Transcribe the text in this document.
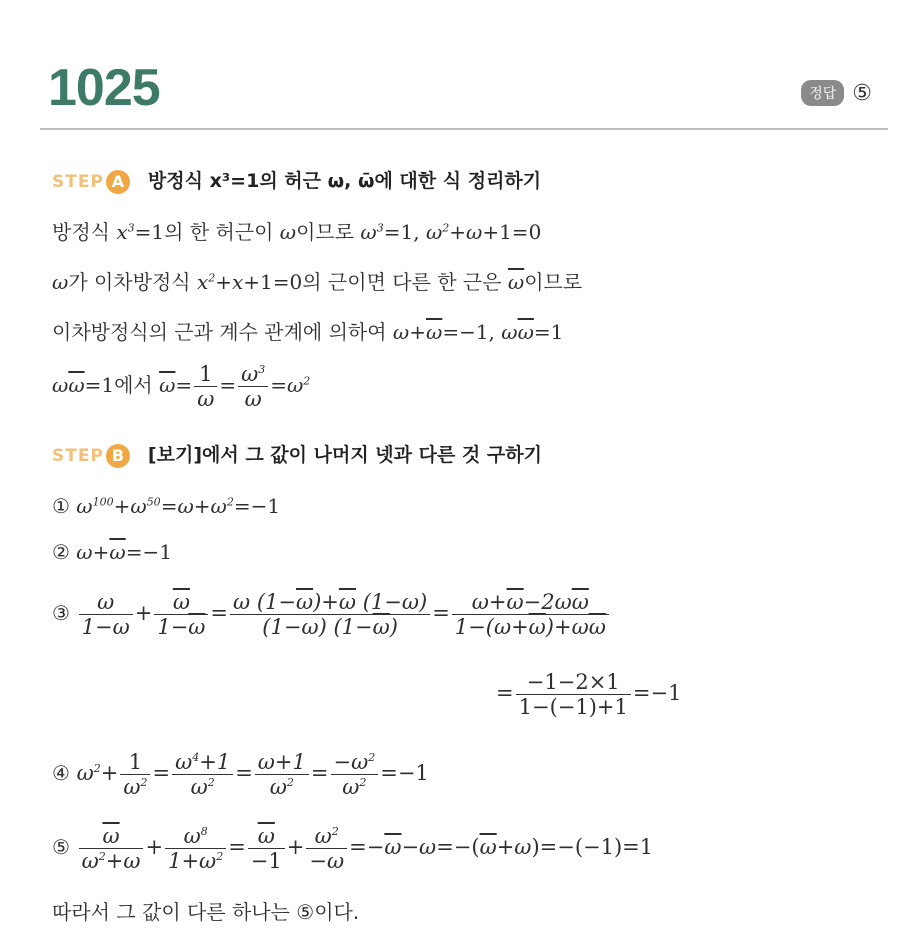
1025	정답 ⑤
STEP A 방정식 x³=1의 허근 ω, ω̄에 대한 식 정리하기
방정식 $x^3=1$의 한 허근이 ω이므로 $\omega^3=1$, $\omega^2+\omega+1=0$
ω가 이차방정식 $x^2+x+1=0$의 근이면 다른 한 근은 $\overline{\omega}$이므로
이차방정식의 근과 계수 관계에 의하여 $\omega+\overline{\omega}=-1$, $\omega\overline{\omega}=1$
$\omega\overline{\omega}=1$에서 $\overline{\omega}= \frac{1}{\omega} = \frac{\omega^3}{\omega} =\omega^2$
STEP B [보기]에서 그 값이 나머지 넷과 다른 것 구하기
① $\omega^{100}+\omega^{50}=\omega+\omega^2=-1$
② $\omega+\overline{\omega}=-1$
③ $\frac{\omega}{1-\omega} + \frac{\overline{\omega}}{1-\overline{\omega}} = \frac{\omega (1-\overline{\omega})+\overline{\omega} (1-\omega)}{(1-\omega) (1-\overline{\omega})} = \frac{\omega+\overline{\omega}-2\omega\overline{\omega}}{1-(\omega+\overline{\omega})+\omega\overline{\omega}}$
= $\frac{-1-2\times 1}{1-(-1)+1} =-1$
④ $\omega^2+ \frac{1}{\omega^2} = \frac{\omega^4+1}{\omega^2} = \frac{\omega+1}{\omega^2} = \frac{-\omega^2}{\omega^2} =-1$
⑤ $\frac{\overline{\omega}}{\omega^2+\omega} + \frac{\omega^8}{1+\omega^2} = \frac{\overline{\omega}}{-1} + \frac{\omega^2}{-\omega} =-\overline{\omega}-\omega=-(\overline{\omega}+\omega)=-(-1)=1$
따라서 그 값이 다른 하나는 ⑤이다.
